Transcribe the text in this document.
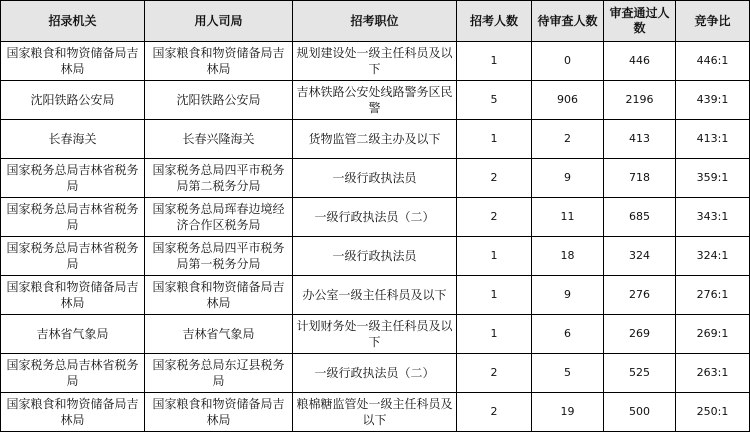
招录机关	用人司局	招考职位	招考人数	待审查人数	审查通过人数	竞争比
国家粮食和物资储备局吉林局	国家粮食和物资储备局吉林局	规划建设处一级主任科员及以下	1	0	446	446:1
沈阳铁路公安局	沈阳铁路公安局	吉林铁路公安处线路警务区民警	5	906	2196	439:1
长春海关	长春兴隆海关	货物监管二级主办及以下	1	2	413	413:1
国家税务总局吉林省税务局	国家税务总局四平市税务局第二税务分局	一级行政执法员	2	9	718	359:1
国家税务总局吉林省税务局	国家税务总局珲春边境经济合作区税务局	一级行政执法员（二）	2	11	685	343:1
国家税务总局吉林省税务局	国家税务总局四平市税务局第一税务分局	一级行政执法员	1	18	324	324:1
国家粮食和物资储备局吉林局	国家粮食和物资储备局吉林局	办公室一级主任科员及以下	1	9	276	276:1
吉林省气象局	吉林省气象局	计划财务处一级主任科员及以下	1	6	269	269:1
国家税务总局吉林省税务局	国家税务总局东辽县税务局	一级行政执法员（二）	2	5	525	263:1
国家粮食和物资储备局吉林局	国家粮食和物资储备局吉林局	粮棉糖监管处一级主任科员及以下	2	19	500	250:1
